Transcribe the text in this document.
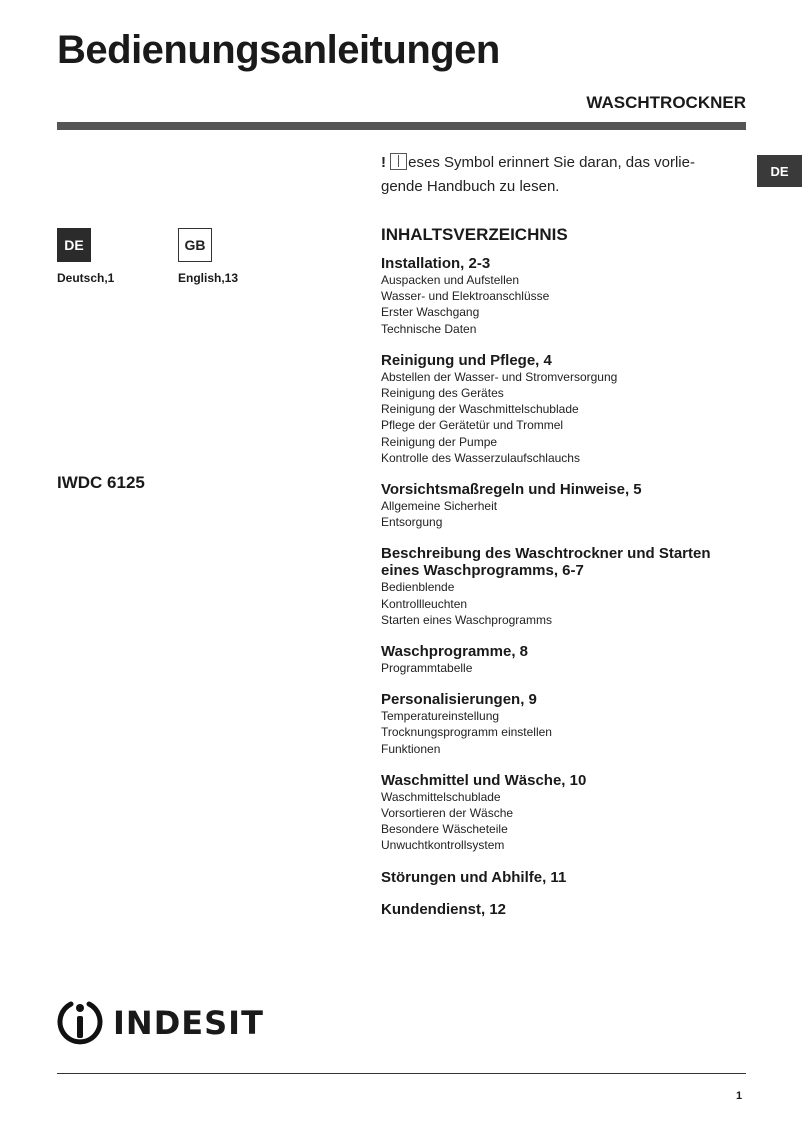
Bedienungsanleitungen
WASCHTROCKNER
DE
DE
Deutsch,1
GB
English,13
IWDC 6125
! eses Symbol erinnert Sie daran, das vorlie-
gende Handbuch zu lesen.
INHALTSVERZEICHNIS
Installation, 2-3
Auspacken und Aufstellen
Wasser- und Elektroanschlüsse
Erster Waschgang
Technische Daten
Reinigung und Pflege, 4
Abstellen der Wasser- und Stromversorgung
Reinigung des Gerätes
Reinigung der Waschmittelschublade
Pflege der Gerätetür und Trommel
Reinigung der Pumpe
Kontrolle des Wasserzulaufschlauchs
Vorsichtsmaßregeln und Hinweise, 5
Allgemeine Sicherheit
Entsorgung
Beschreibung des Waschtrockner und Starten eines Waschprogramms, 6-7
Bedienblende
Kontrollleuchten
Starten eines Waschprogramms
Waschprogramme, 8
Programmtabelle
Personalisierungen, 9
Temperatureinstellung
Trocknungsprogramm einstellen
Funktionen
Waschmittel und Wäsche, 10
Waschmittelschublade
Vorsortieren der Wäsche
Besondere Wäscheteile
Unwuchtkontrollsystem
Störungen und Abhilfe, 11
Kundendienst, 12
INDESIT
1
